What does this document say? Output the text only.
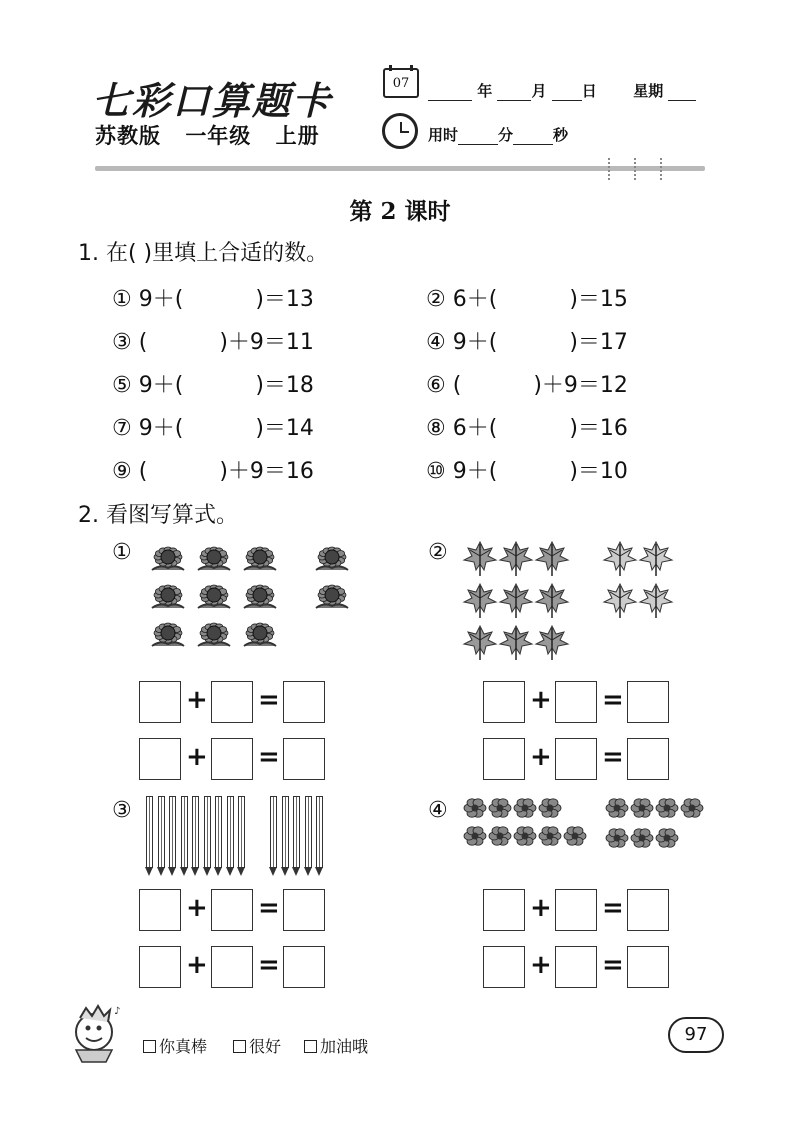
七彩口算题卡
苏教版 一年级 上册
07	年	月 日 星期
用时	分	秒
第 2 课时
1. 在( )里填上合适的数。
① 9＋(	)＝13	② 6＋(	)＝15
③ (	)＋9＝11	④ 9＋(	)＝17
⑤ 9＋(	)＝18	⑥ (	)＋9＝12
⑦ 9＋(	)＝14	⑧ 6＋(	)＝16
⑨ (	)＋9＝16	⑩ 9＋(	)＝10
2. 看图写算式。
①	②
③	④
+ =	+ =
+ =	+ =
+ =	+ =
+ =	+ =
♪
你真棒	很好	加油哦
97
